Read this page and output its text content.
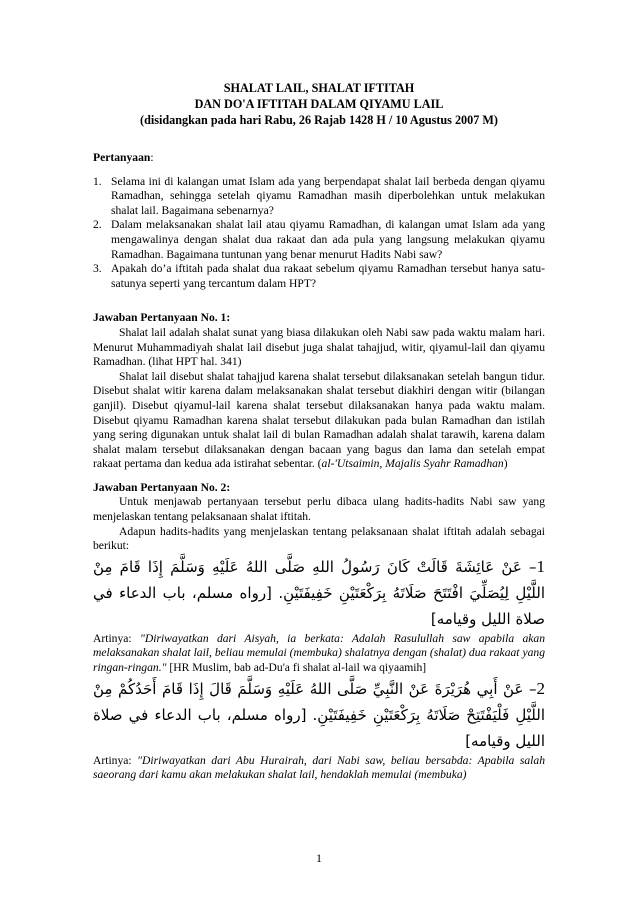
SHALAT LAIL, SHALAT IFTITAH
DAN DO'A IFTITAH DALAM QIYAMU LAIL
(disidangkan pada hari Rabu, 26 Rajab 1428 H / 10 Agustus 2007 M)

Pertanyaan:

1. Selama ini di kalangan umat Islam ada yang berpendapat shalat lail berbeda dengan qiyamu Ramadhan, sehingga setelah qiyamu Ramadhan masih diperbolehkan untuk melakukan shalat lail. Bagaimana sebenarnya?
2. Dalam melaksanakan shalat lail atau qiyamu Ramadhan, di kalangan umat Islam ada yang mengawalinya dengan shalat dua rakaat dan ada pula yang langsung melakukan qiyamu Ramadhan. Bagaimana tuntunan yang benar menurut Hadits Nabi saw?
3. Apakah do’a iftitah pada shalat dua rakaat sebelum qiyamu Ramadhan tersebut hanya satu-satunya seperti yang tercantum dalam HPT?

Jawaban Pertanyaan No. 1:

Shalat lail adalah shalat sunat yang biasa dilakukan oleh Nabi saw pada waktu malam hari. Menurut Muhammadiyah shalat lail disebut juga shalat tahajjud, witir, qiyamul-lail dan qiyamu Ramadhan. (lihat HPT hal. 341)

Shalat lail disebut shalat tahajjud karena shalat tersebut dilaksanakan setelah bangun tidur. Disebut shalat witir karena dalam melaksanakan shalat tersebut diakhiri dengan witir (bilangan ganjil). Disebut qiyamul-lail karena shalat tersebut dilaksanakan hanya pada waktu malam. Disebut qiyamu Ramadhan karena shalat tersebut dilakukan pada bulan Ramadhan dan istilah yang sering digunakan untuk shalat lail di bulan Ramadhan adalah shalat tarawih, karena dalam shalat malam tersebut dilaksanakan dengan bacaan yang bagus dan lama dan setelah empat rakaat pertama dan kedua ada istirahat sebentar. (al-'Utsaimin, Majalis Syahr Ramadhan)

Jawaban Pertanyaan No. 2:

Untuk menjawab pertanyaan tersebut perlu dibaca ulang hadits-hadits Nabi saw yang menjelaskan tentang pelaksanaan shalat iftitah.

Adapun hadits-hadits yang menjelaskan tentang pelaksanaan shalat iftitah adalah sebagai berikut:

1– عَنْ عَائِشَةَ قَالَتْ كَانَ رَسُولُ اللهِ صَلَّى اللهُ عَلَيْهِ وَسَلَّمَ إِذَا قَامَ مِنْ اللَّيْلِ لِيُصَلِّيَ افْتَتَحَ صَلَاتَهُ بِرَكْعَتَيْنِ خَفِيفَتَيْنِ. [رواه مسلم، باب الدعاء في صلاة الليل وقيامه]

Artinya: "Diriwayatkan dari Aisyah, ia berkata: Adalah Rasulullah saw apabila akan melaksanakan shalat lail, beliau memulai (membuka) shalatnya dengan (shalat) dua rakaat yang ringan-ringan." [HR Muslim, bab ad-Du'a fi shalat al-lail wa qiyaamih]

2– عَنْ أَبِي هُرَيْرَةَ عَنْ النَّبِيِّ صَلَّى اللهُ عَلَيْهِ وَسَلَّمَ قَالَ إِذَا قَامَ أَحَدُكُمْ مِنْ اللَّيْلِ فَلْيَفْتَتِحْ صَلَاتَهُ بِرَكْعَتَيْنِ خَفِيفَتَيْنِ. [رواه مسلم، باب الدعاء في صلاة الليل وقيامه]

Artinya: "Diriwayatkan dari Abu Hurairah, dari Nabi saw, beliau bersabda: Apabila salah saeorang dari kamu akan melakukan shalat lail, hendaklah memulai (membuka)

1
